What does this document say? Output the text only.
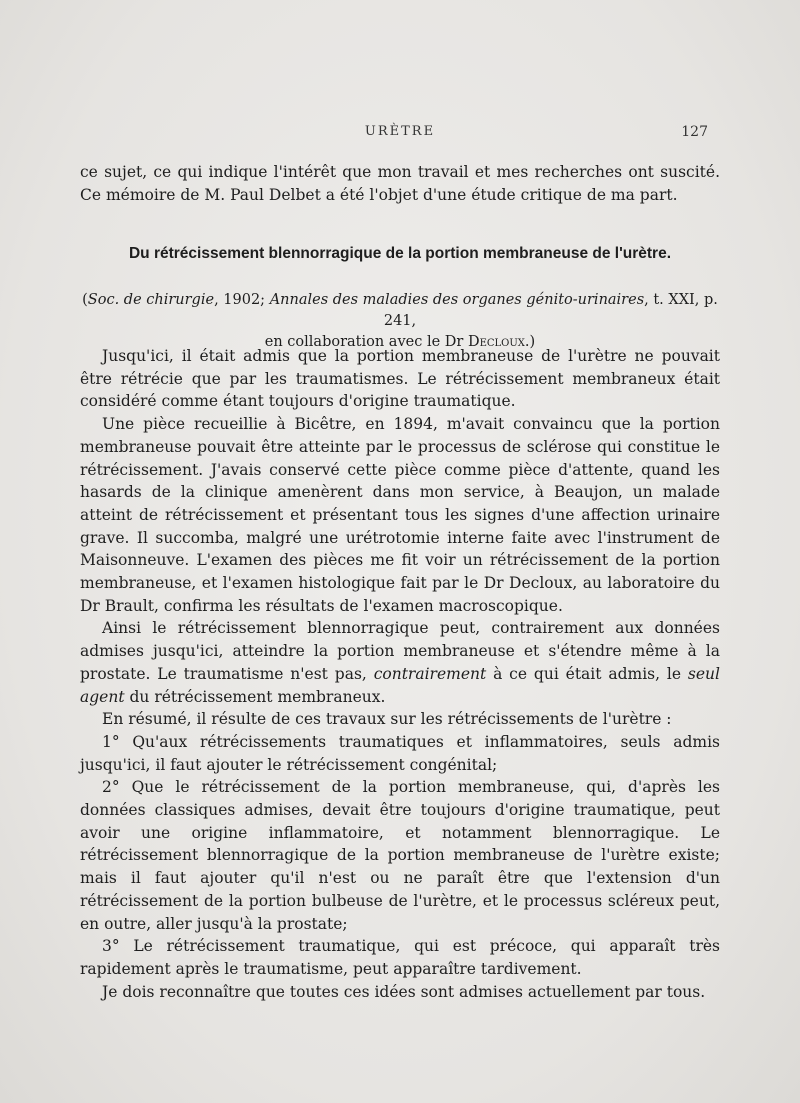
URÈTRE	127

ce sujet, ce qui indique l'intérêt que mon travail et mes recherches ont suscité. Ce mémoire de M. Paul Delbet a été l'objet d'une étude critique de ma part.

Du rétrécissement blennorragique de la portion membraneuse de l'urètre.
(Soc. de chirurgie, 1902; Annales des maladies des organes génito-urinaires, t. XXI, p. 241,
en collaboration avec le Dr Decloux.)

Jusqu'ici, il était admis que la portion membraneuse de l'urètre ne pouvait être rétrécie que par les traumatismes. Le rétrécissement membraneux était considéré comme étant toujours d'origine traumatique.

Une pièce recueillie à Bicêtre, en 1894, m'avait convaincu que la portion membraneuse pouvait être atteinte par le processus de sclérose qui constitue le rétrécissement. J'avais conservé cette pièce comme pièce d'attente, quand les hasards de la clinique amenèrent dans mon service, à Beaujon, un malade atteint de rétrécissement et présentant tous les signes d'une affection urinaire grave. Il succomba, malgré une urétrotomie interne faite avec l'instrument de Maisonneuve. L'examen des pièces me fit voir un rétrécissement de la portion membraneuse, et l'examen histologique fait par le Dr Decloux, au laboratoire du Dr Brault, confirma les résultats de l'examen macroscopique.

Ainsi le rétrécissement blennorragique peut, contrairement aux données admises jusqu'ici, atteindre la portion membraneuse et s'étendre même à la prostate. Le traumatisme n'est pas, contrairement à ce qui était admis, le seul agent du rétrécissement membraneux.

En résumé, il résulte de ces travaux sur les rétrécissements de l'urètre :

1° Qu'aux rétrécissements traumatiques et inflammatoires, seuls admis jusqu'ici, il faut ajouter le rétrécissement congénital;

2° Que le rétrécissement de la portion membraneuse, qui, d'après les données classiques admises, devait être toujours d'origine traumatique, peut avoir une origine inflammatoire, et notamment blennorragique. Le rétrécissement blennorragique de la portion membraneuse de l'urètre existe; mais il faut ajouter qu'il n'est ou ne paraît être que l'extension d'un rétrécissement de la portion bulbeuse de l'urètre, et le processus scléreux peut, en outre, aller jusqu'à la prostate;

3° Le rétrécissement traumatique, qui est précoce, qui apparaît très rapidement après le traumatisme, peut apparaître tardivement.

Je dois reconnaître que toutes ces idées sont admises actuellement par tous.
